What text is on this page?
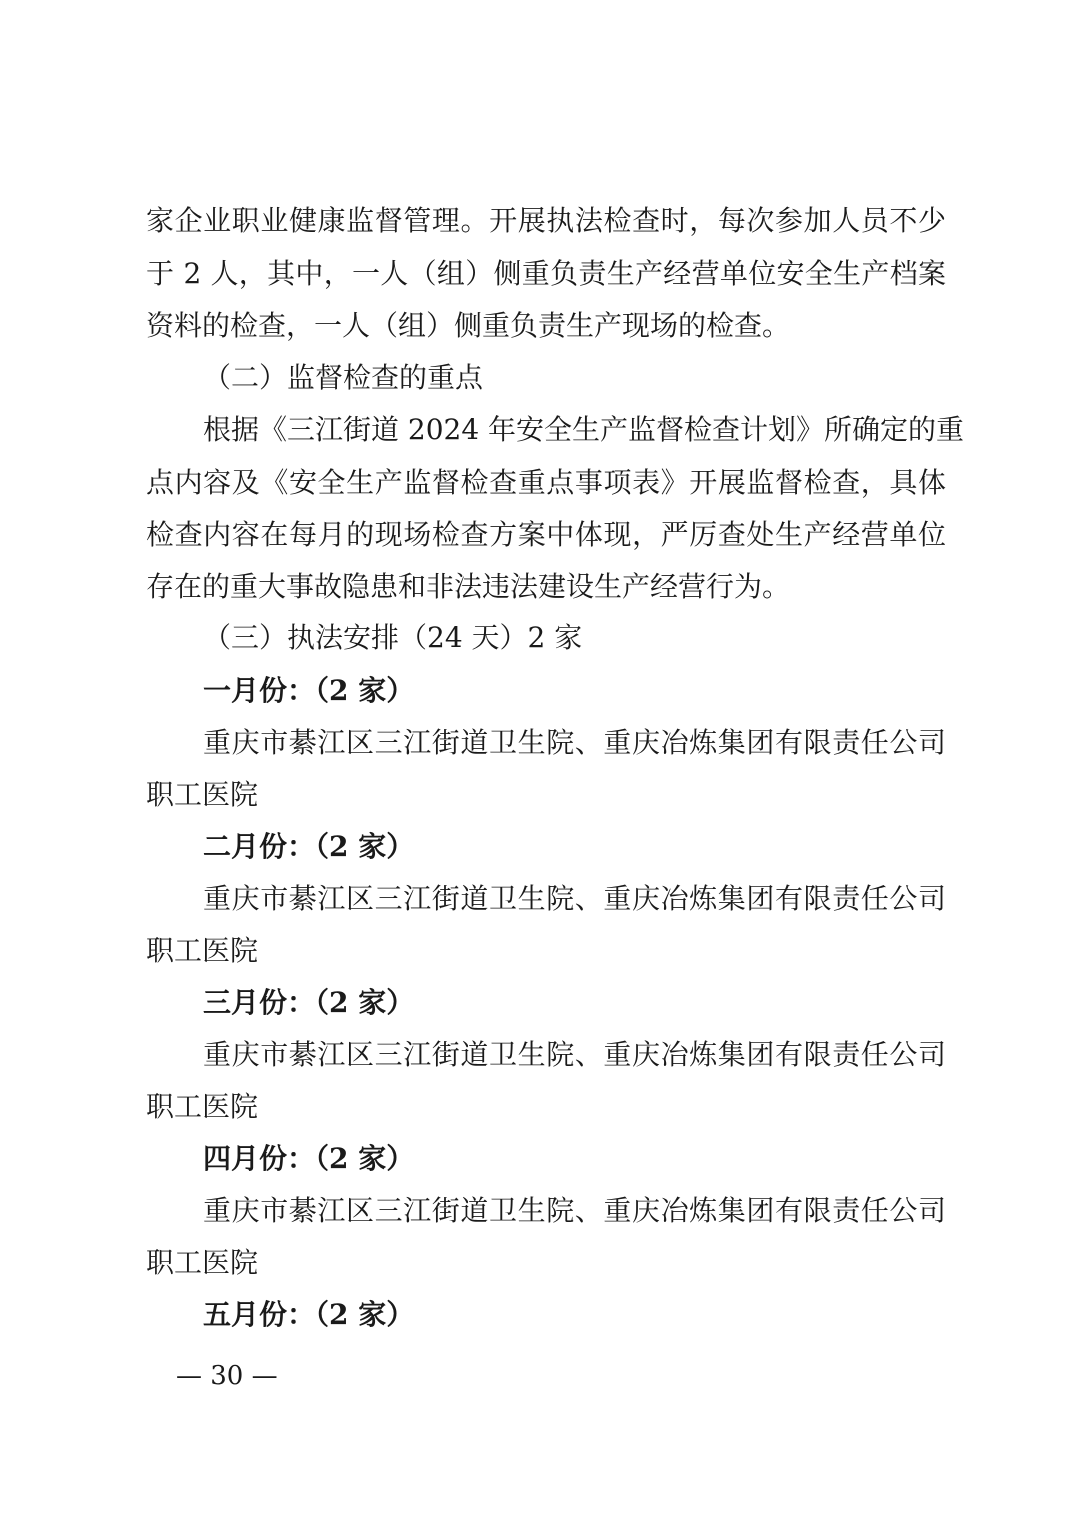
家企业职业健康监督管理。开展执法检查时，每次参加人员不少
于 2 人，其中，一人（组）侧重负责生产经营单位安全生产档案
资料的检查，一人（组）侧重负责生产现场的检查。
（二）监督检查的重点
根据《三江街道 2024 年安全生产监督检查计划》所确定的重
点内容及《安全生产监督检查重点事项表》开展监督检查，具体
检查内容在每月的现场检查方案中体现，严厉查处生产经营单位
存在的重大事故隐患和非法违法建设生产经营行为。
（三）执法安排（24 天）2 家
一月份：（2 家）
重庆市綦江区三江街道卫生院、重庆冶炼集团有限责任公司
职工医院
二月份：（2 家）
重庆市綦江区三江街道卫生院、重庆冶炼集团有限责任公司
职工医院
三月份：（2 家）
重庆市綦江区三江街道卫生院、重庆冶炼集团有限责任公司
职工医院
四月份：（2 家）
重庆市綦江区三江街道卫生院、重庆冶炼集团有限责任公司
职工医院
五月份：（2 家）
— 30 —
